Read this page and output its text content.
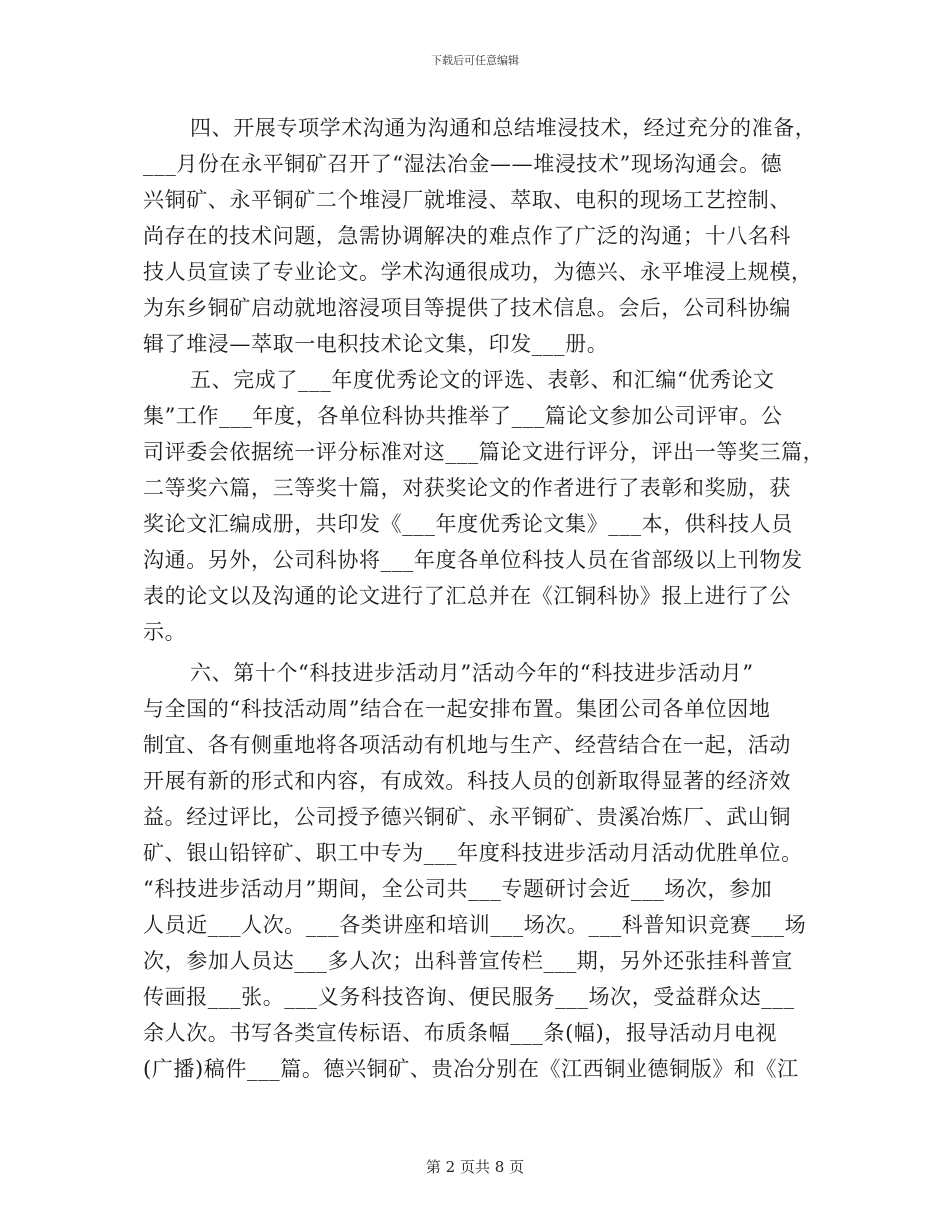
下载后可任意编辑
四、开展专项学术沟通为沟通和总结堆浸技术，经过充分的准备，
___月份在永平铜矿召开了“湿法冶金——堆浸技术”现场沟通会。德
兴铜矿、永平铜矿二个堆浸厂就堆浸、萃取、电积的现场工艺控制、
尚存在的技术问题，急需协调解决的难点作了广泛的沟通；十八名科
技人员宣读了专业论文。学术沟通很成功，为德兴、永平堆浸上规模，
为东乡铜矿启动就地溶浸项目等提供了技术信息。会后，公司科协编
辑了堆浸—萃取一电积技术论文集，印发___册。
五、完成了___年度优秀论文的评选、表彰、和汇编“优秀论文
集”工作___年度，各单位科协共推举了___篇论文参加公司评审。公
司评委会依据统一评分标准对这___篇论文进行评分，评出一等奖三篇，
二等奖六篇，三等奖十篇，对获奖论文的作者进行了表彰和奖励，获
奖论文汇编成册，共印发《___年度优秀论文集》___本，供科技人员
沟通。另外，公司科协将___年度各单位科技人员在省部级以上刊物发
表的论文以及沟通的论文进行了汇总并在《江铜科协》报上进行了公
示。
六、第十个“科技进步活动月”活动今年的“科技进步活动月”
与全国的“科技活动周”结合在一起安排布置。集团公司各单位因地
制宜、各有侧重地将各项活动有机地与生产、经营结合在一起，活动
开展有新的形式和内容，有成效。科技人员的创新取得显著的经济效
益。经过评比，公司授予德兴铜矿、永平铜矿、贵溪冶炼厂、武山铜
矿、银山铅锌矿、职工中专为___年度科技进步活动月活动优胜单位。
“科技进步活动月”期间，全公司共___专题研讨会近___场次，参加
人员近___人次。___各类讲座和培训___场次。___科普知识竞赛___场
次，参加人员达___多人次；出科普宣传栏___期，另外还张挂科普宣
传画报___张。___义务科技咨询、便民服务___场次，受益群众达___
余人次。书写各类宣传标语、布质条幅___条(幅)，报导活动月电视
(广播)稿件___篇。德兴铜矿、贵冶分别在《江西铜业德铜版》和《江
第 2 页共 8 页
